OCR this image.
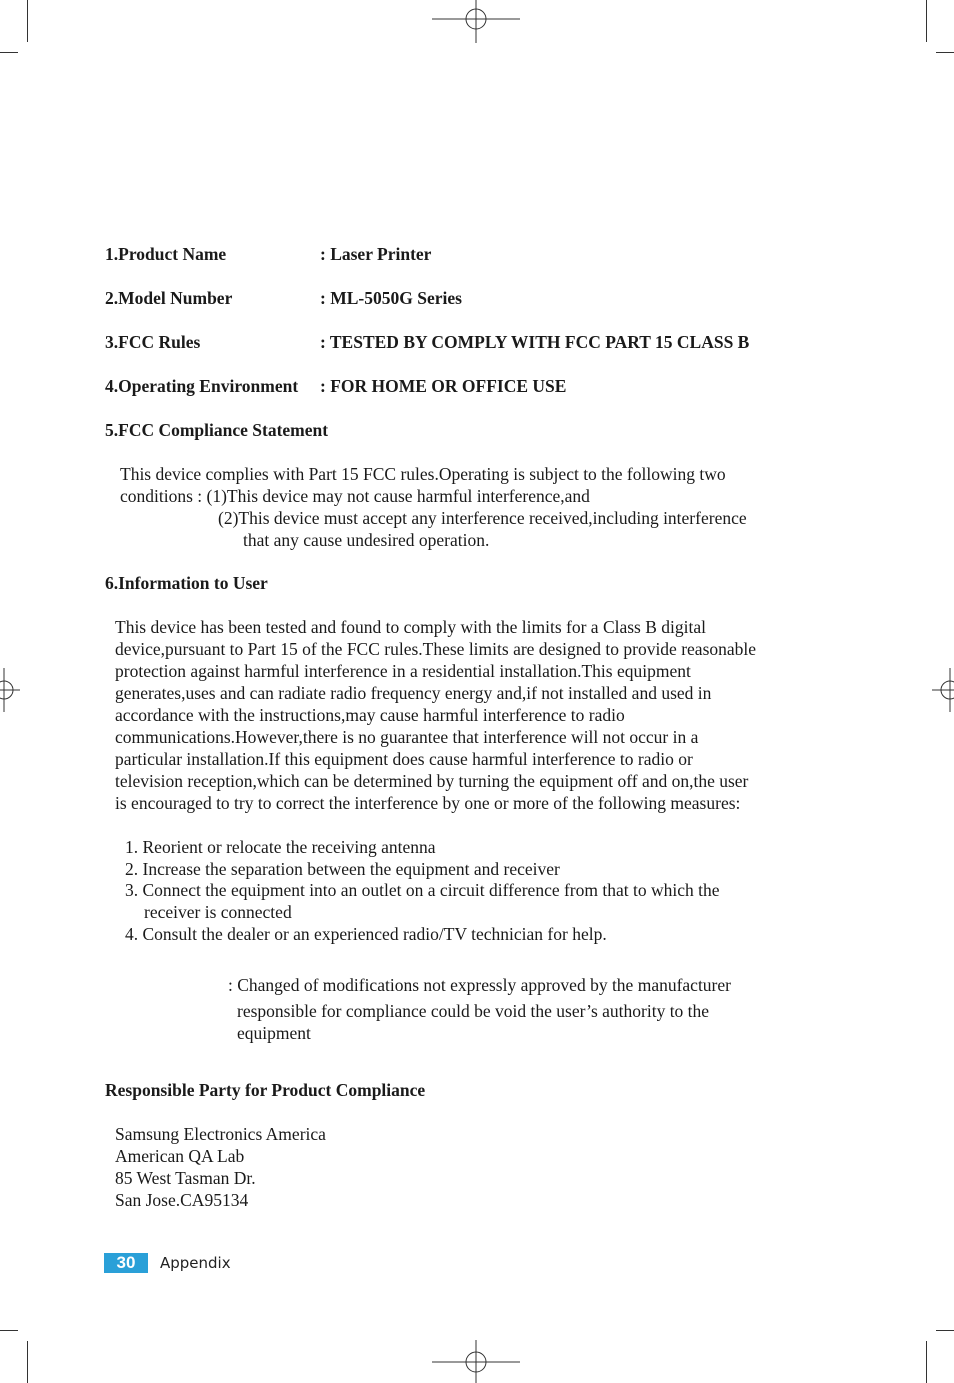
1.Product Name	: Laser Printer
2.Model Number	: ML-5050G Series
3.FCC Rules	: TESTED BY COMPLY WITH FCC PART 15 CLASS B
4.Operating Environment : FOR HOME OR OFFICE USE
5.FCC Compliance Statement
This device complies with Part 15 FCC rules.Operating is subject to the following two
conditions : (1)This device may not cause harmful interference,and
(2)This device must accept any interference received,including interference
that any cause undesired operation.
6.Information to User
This device has been tested and found to comply with the limits for a Class B digital
device,pursuant to Part 15 of the FCC rules.These limits are designed to provide reasonable
protection against harmful interference in a residential installation.This equipment
generates,uses and can radiate radio frequency energy and,if not installed and used in
accordance with the instructions,may cause harmful interference to radio
communications.However,there is no guarantee that interference will not occur in a
particular installation.If this equipment does cause harmful interference to radio or
television reception,which can be determined by turning the equipment off and on,the user
is encouraged to try to correct the interference by one or more of the following measures:
1. Reorient or relocate the receiving antenna
2. Increase the separation between the equipment and receiver
3. Connect the equipment into an outlet on a circuit difference from that to which the
receiver is connected
4. Consult the dealer or an experienced radio/TV technician for help.
: Changed of modifications not expressly approved by the manufacturer
responsible for compliance could be void the user’s authority to the
equipment
Responsible Party for Product Compliance
Samsung Electronics America
American QA Lab
85 West Tasman Dr.
San Jose.CA95134
30	Appendix
